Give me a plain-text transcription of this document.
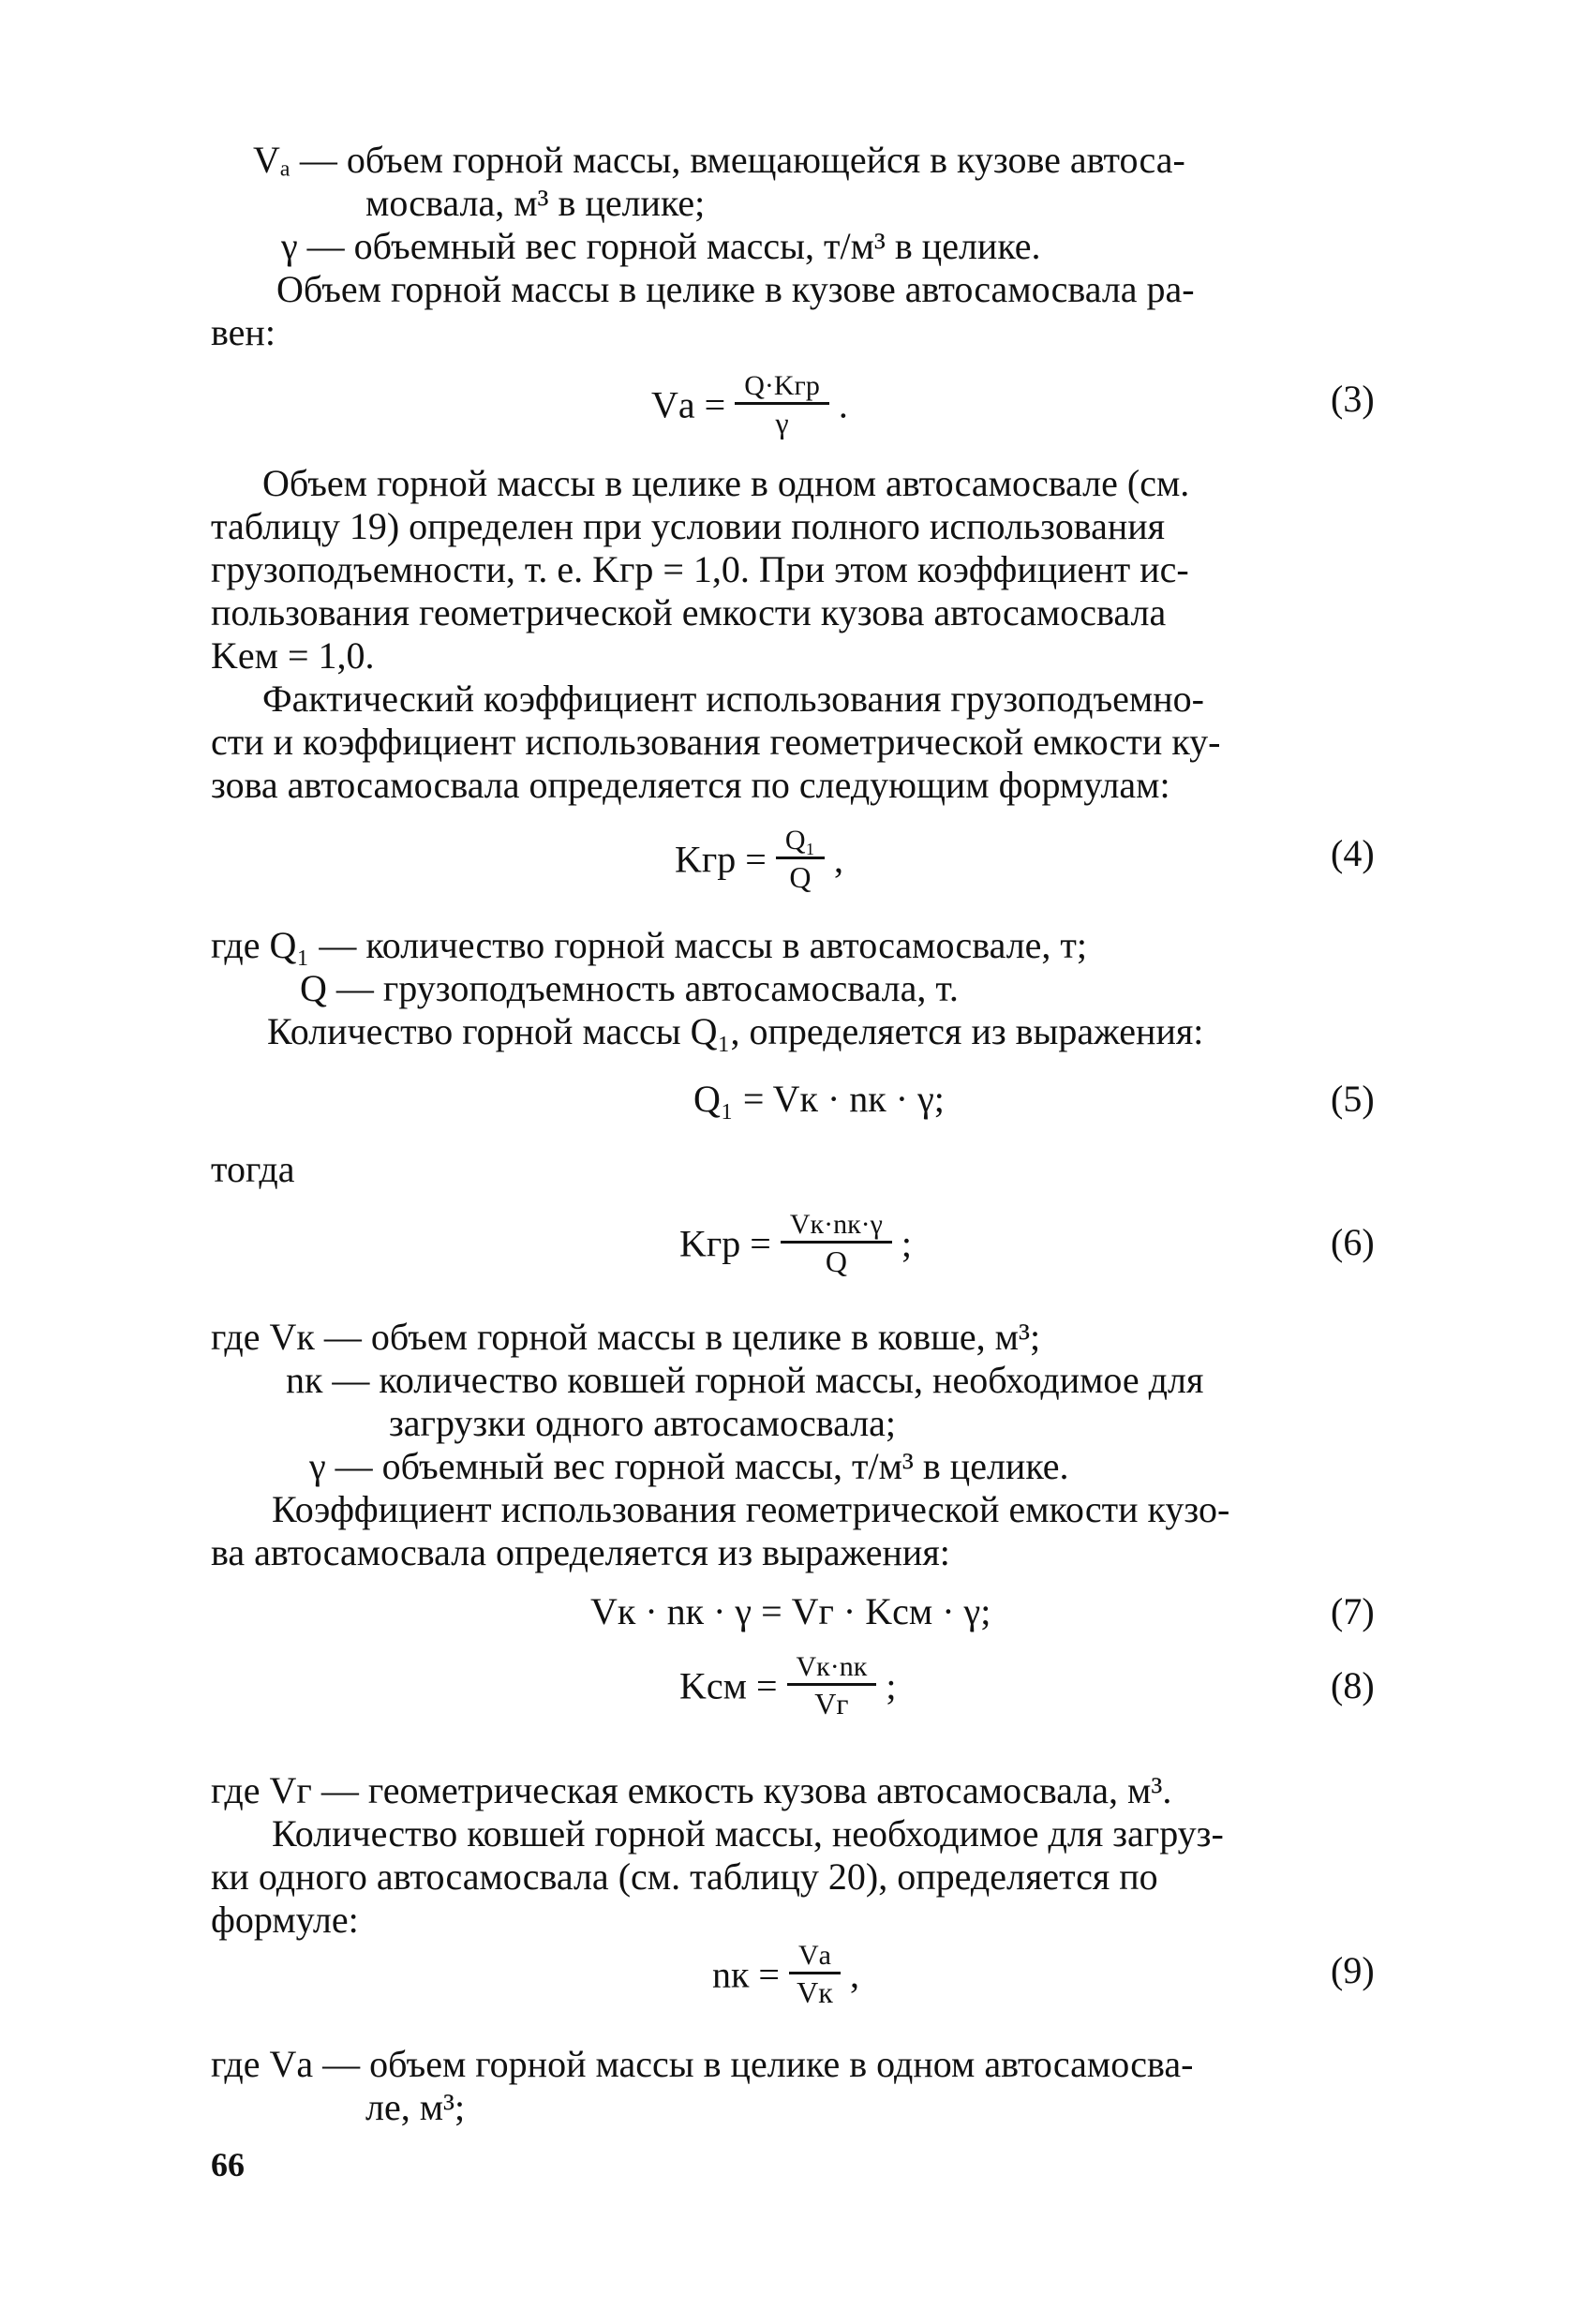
Vₐ — объем горной массы, вмещающейся в кузове автоса-
мосвала, м³ в целике;
γ — объемный вес горной массы, т/м³ в целике.
Объем горной массы в целике в кузове автосамосвала ра-
вен:
Vа = $\frac{\text{Q·Kгр}}{\gamma}$ .	(3)
Объем горной массы в целике в одном автосамосвале (см.
таблицу 19) определен при условии полного использования
грузоподъемности, т. е. Kгр = 1,0. При этом коэффициент ис-
пользования геометрической емкости кузова автосамосвала
Kем = 1,0.
Фактический коэффициент использования грузоподъемно-
сти и коэффициент использования геометрической емкости ку-
зова автосамосвала определяется по следующим формулам:
Kгр = $\frac{\text{Q₁}}{Q}$ ,	(4)
где Q₁ — количество горной массы в автосамосвале, т;
Q — грузоподъемность автосамосвала, т.
Количество горной массы Q₁, определяется из выражения:
Q₁ = Vк · nк · γ;	(5)
тогда
Kгр = $\frac{Vк\cdot nк\cdot\gamma}{Q}$ ;	(6)
где Vк — объем горной массы в целике в ковше, м³;
nк — количество ковшей горной массы, необходимое для
загрузки одного автосамосвала;
γ — объемный вес горной массы, т/м³ в целике.
Коэффициент использования геометрической емкости кузо-
ва автосамосвала определяется из выражения:
Vк · nк · γ = Vг · Kсм · γ;	(7)
Kсм = $\frac{Vк\cdot nк}{Vг}$ ;	(8)
где Vг — геометрическая емкость кузова автосамосвала, м³.
Количество ковшей горной массы, необходимое для загруз-
ки одного автосамосвала (см. таблицу 20), определяется по
формуле:
nк = $\frac{Vа}{Vк}$ ,	(9)
где Vа — объем горной массы в целике в одном автосамосва-
ле, м³;
66
